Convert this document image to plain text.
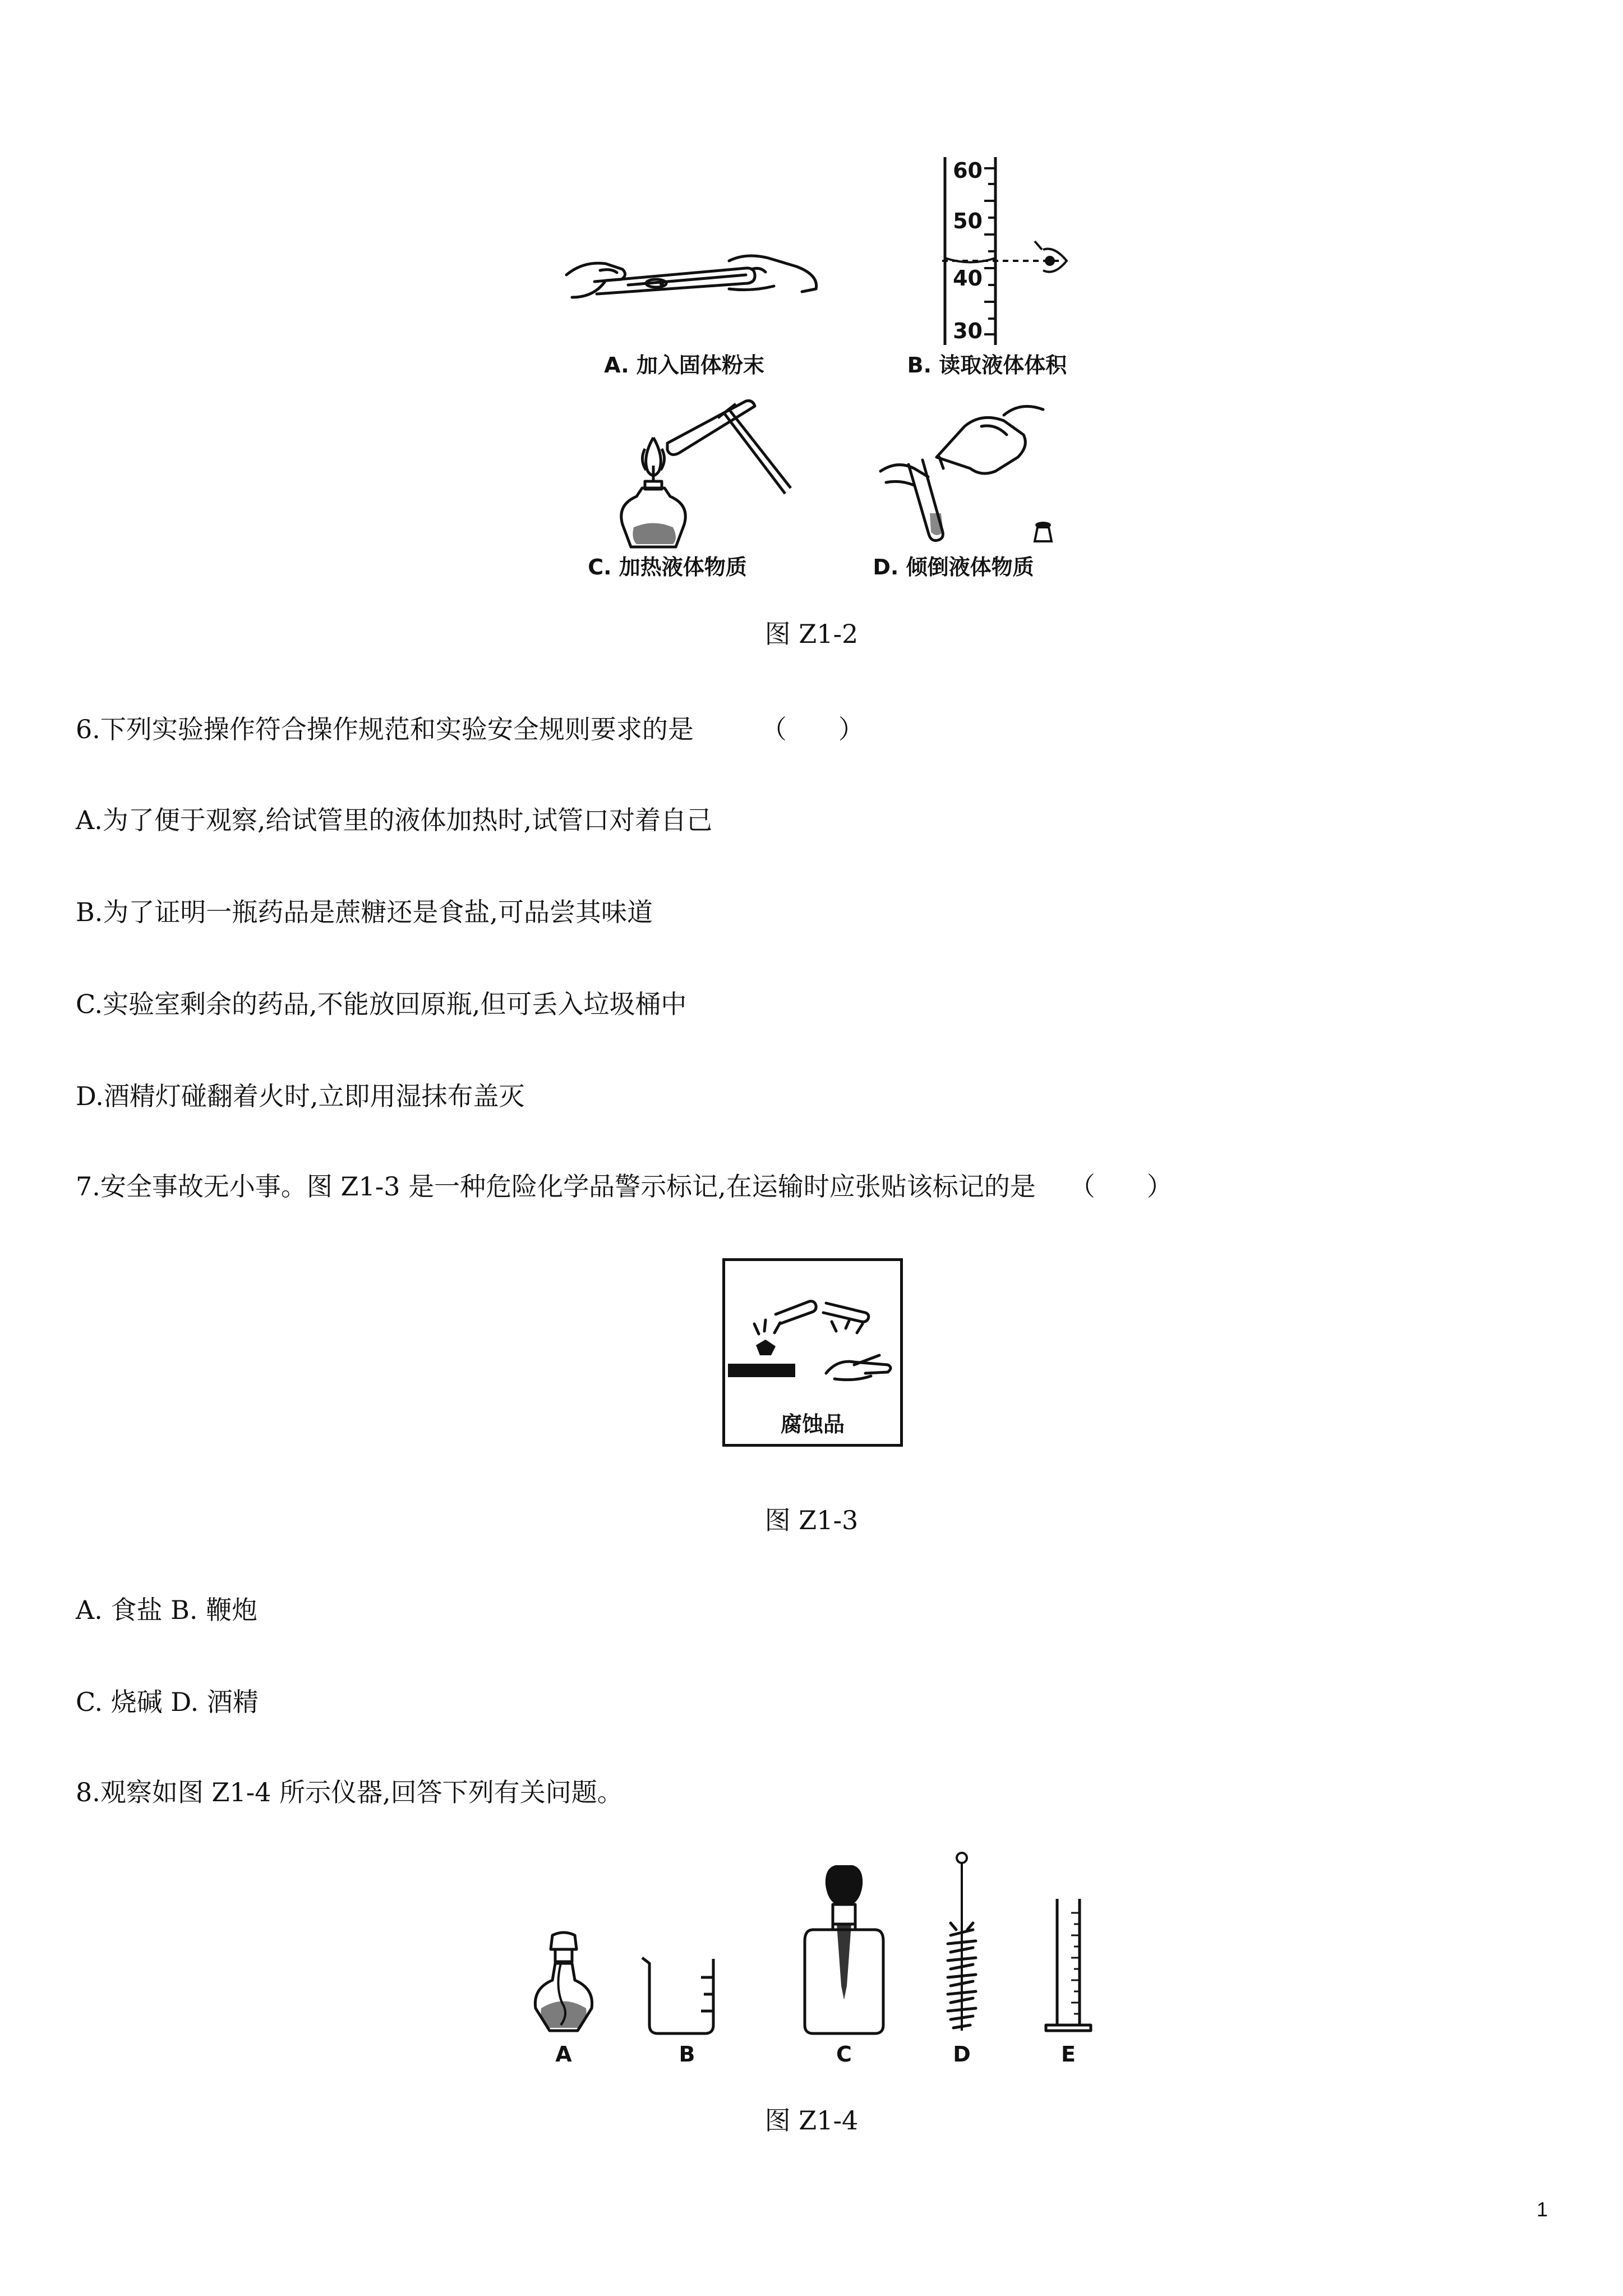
A. 加入固体粉末
60
50
40
30
B. 读取液体体积
C. 加热液体物质	D. 倾倒液体物质
图 Z1-2
6.下列实验操作符合操作规范和实验安全规则要求的是	（　　）
A.为了便于观察,给试管里的液体加热时,试管口对着自己
B.为了证明一瓶药品是蔗糖还是食盐,可品尝其味道
C.实验室剩余的药品,不能放回原瓶,但可丢入垃圾桶中
D.酒精灯碰翻着火时,立即用湿抹布盖灭
7.安全事故无小事。图 Z1-3 是一种危险化学品警示标记,在运输时应张贴该标记的是 （　　）
腐蚀品
图 Z1-3
A. 食盐 B. 鞭炮
C. 烧碱 D. 酒精
8.观察如图 Z1-4 所示仪器,回答下列有关问题。
A	B	C	D	E
图 Z1-4
1
